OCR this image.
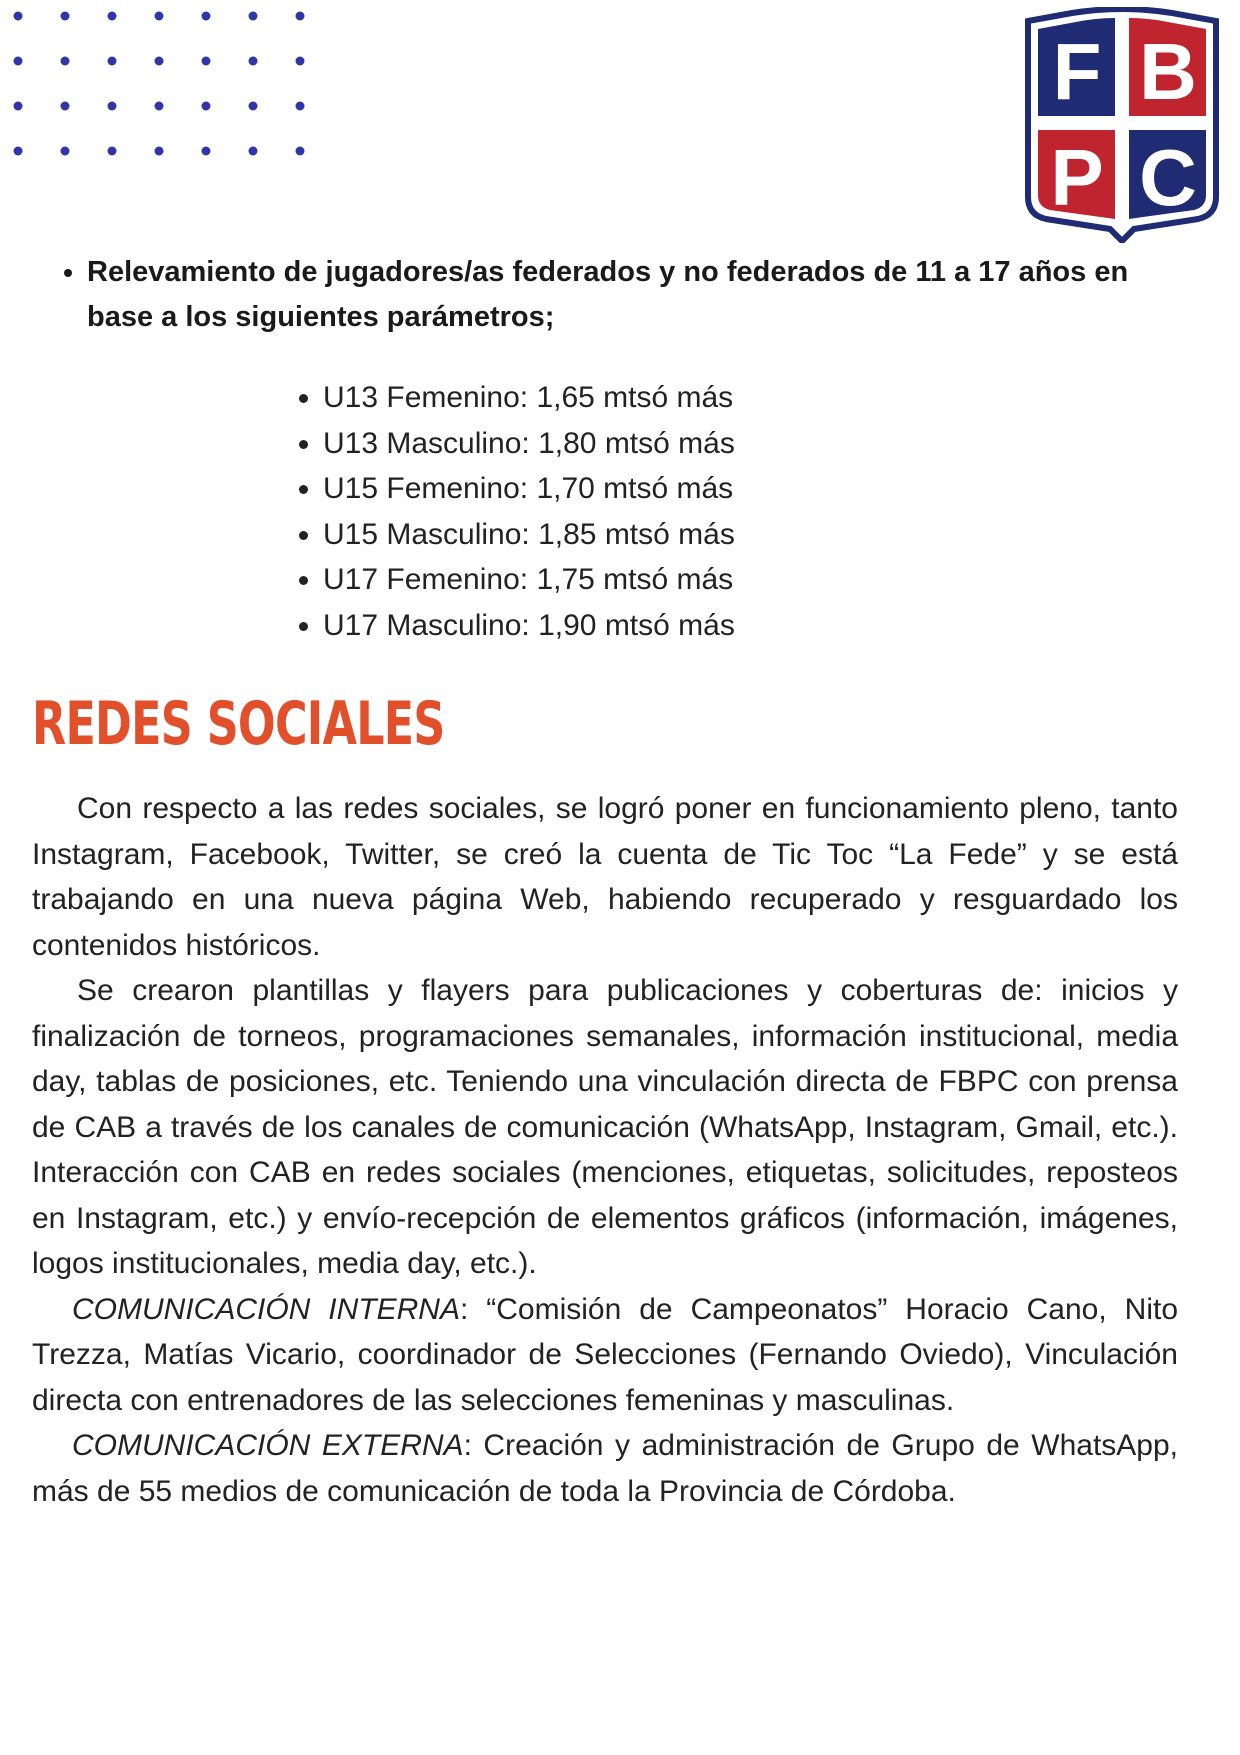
F B
P C
• Relevamiento de jugadores/as federados y no federados de 11 a 17 años en base a los siguientes parámetros;
• U13 Femenino: 1,65 mtsó más
• U13 Masculino: 1,80 mtsó más
• U15 Femenino: 1,70 mtsó más
• U15 Masculino: 1,85 mtsó más
• U17 Femenino: 1,75 mtsó más
• U17 Masculino: 1,90 mtsó más
REDES SOCIALES

Con respecto a las redes sociales, se logró poner en funcionamiento pleno, tanto Instagram, Facebook, Twitter, se creó la cuenta de Tic Toc “La Fede” y se está trabajando en una nueva página Web, habiendo recuperado y resguardado los contenidos históricos.

Se crearon plantillas y flayers para publicaciones y coberturas de: inicios y finalización de torneos, programaciones semanales, información institucional, media day, tablas de posiciones, etc. Teniendo una vinculación directa de FBPC con prensa de CAB a través de los canales de comunicación (WhatsApp, Instagram, Gmail, etc.). Interacción con CAB en redes sociales (menciones, etiquetas, solicitudes, reposteos en Instagram, etc.) y envío-recepción de elementos gráficos (información, imágenes, logos institucionales, media day, etc.).

COMUNICACIÓN INTERNA: “Comisión de Campeonatos” Horacio Cano, Nito Trezza, Matías Vicario, coordinador de Selecciones (Fernando Oviedo), Vinculación directa con entrenadores de las selecciones femeninas y masculinas.

COMUNICACIÓN EXTERNA: Creación y administración de Grupo de WhatsApp, más de 55 medios de comunicación de toda la Provincia de Córdoba.
